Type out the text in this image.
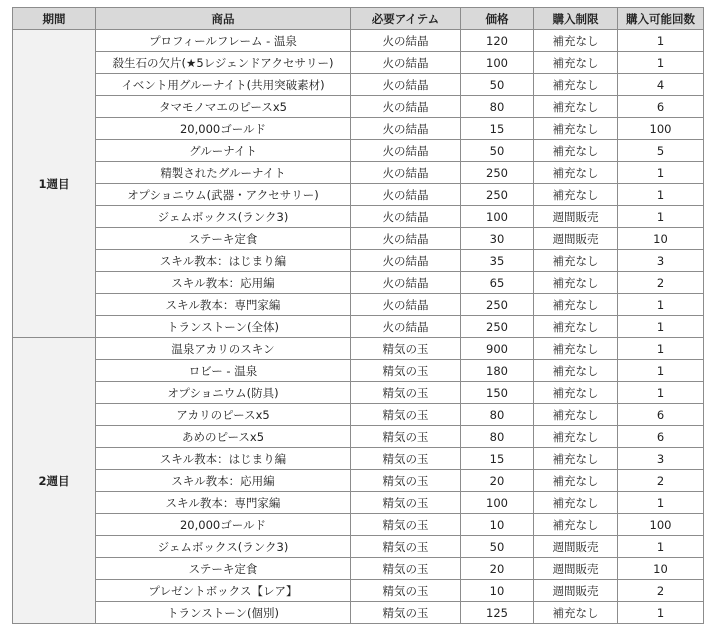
期間	商品	必要アイテム	価格	購入制限	購入可能回数
1週目	プロフィールフレーム - 温泉	火の結晶	120	補充なし	1
	殺生石の欠片(★5レジェンドアクセサリー)	火の結晶	100	補充なし	1
	イベント用グルーナイト(共用突破素材)	火の結晶	50	補充なし	4
	タマモノマエのピースx5	火の結晶	80	補充なし	6
	20,000ゴールド	火の結晶	15	補充なし	100
	グルーナイト	火の結晶	50	補充なし	5
	精製されたグルーナイト	火の結晶	250	補充なし	1
	オプショニウム(武器・アクセサリー)	火の結晶	250	補充なし	1
	ジェムボックス(ランク3)	火の結晶	100	週間販売	1
	ステーキ定食	火の結晶	30	週間販売	10
	スキル教本：はじまり編	火の結晶	35	補充なし	3
	スキル教本：応用編	火の結晶	65	補充なし	2
	スキル教本：専門家編	火の結晶	250	補充なし	1
	トランストーン(全体)	火の結晶	250	補充なし	1
2週目	温泉アカリのスキン	精気の玉	900	補充なし	1
	ロビー - 温泉	精気の玉	180	補充なし	1
	オプショニウム(防具)	精気の玉	150	補充なし	1
	アカリのピースx5	精気の玉	80	補充なし	6
	あめのピースx5	精気の玉	80	補充なし	6
	スキル教本：はじまり編	精気の玉	15	補充なし	3
	スキル教本：応用編	精気の玉	20	補充なし	2
	スキル教本：専門家編	精気の玉	100	補充なし	1
	20,000ゴールド	精気の玉	10	補充なし	100
	ジェムボックス(ランク3)	精気の玉	50	週間販売	1
	ステーキ定食	精気の玉	20	週間販売	10
	プレゼントボックス【レア】	精気の玉	10	週間販売	2
	トランストーン(個別)	精気の玉	125	補充なし	1
